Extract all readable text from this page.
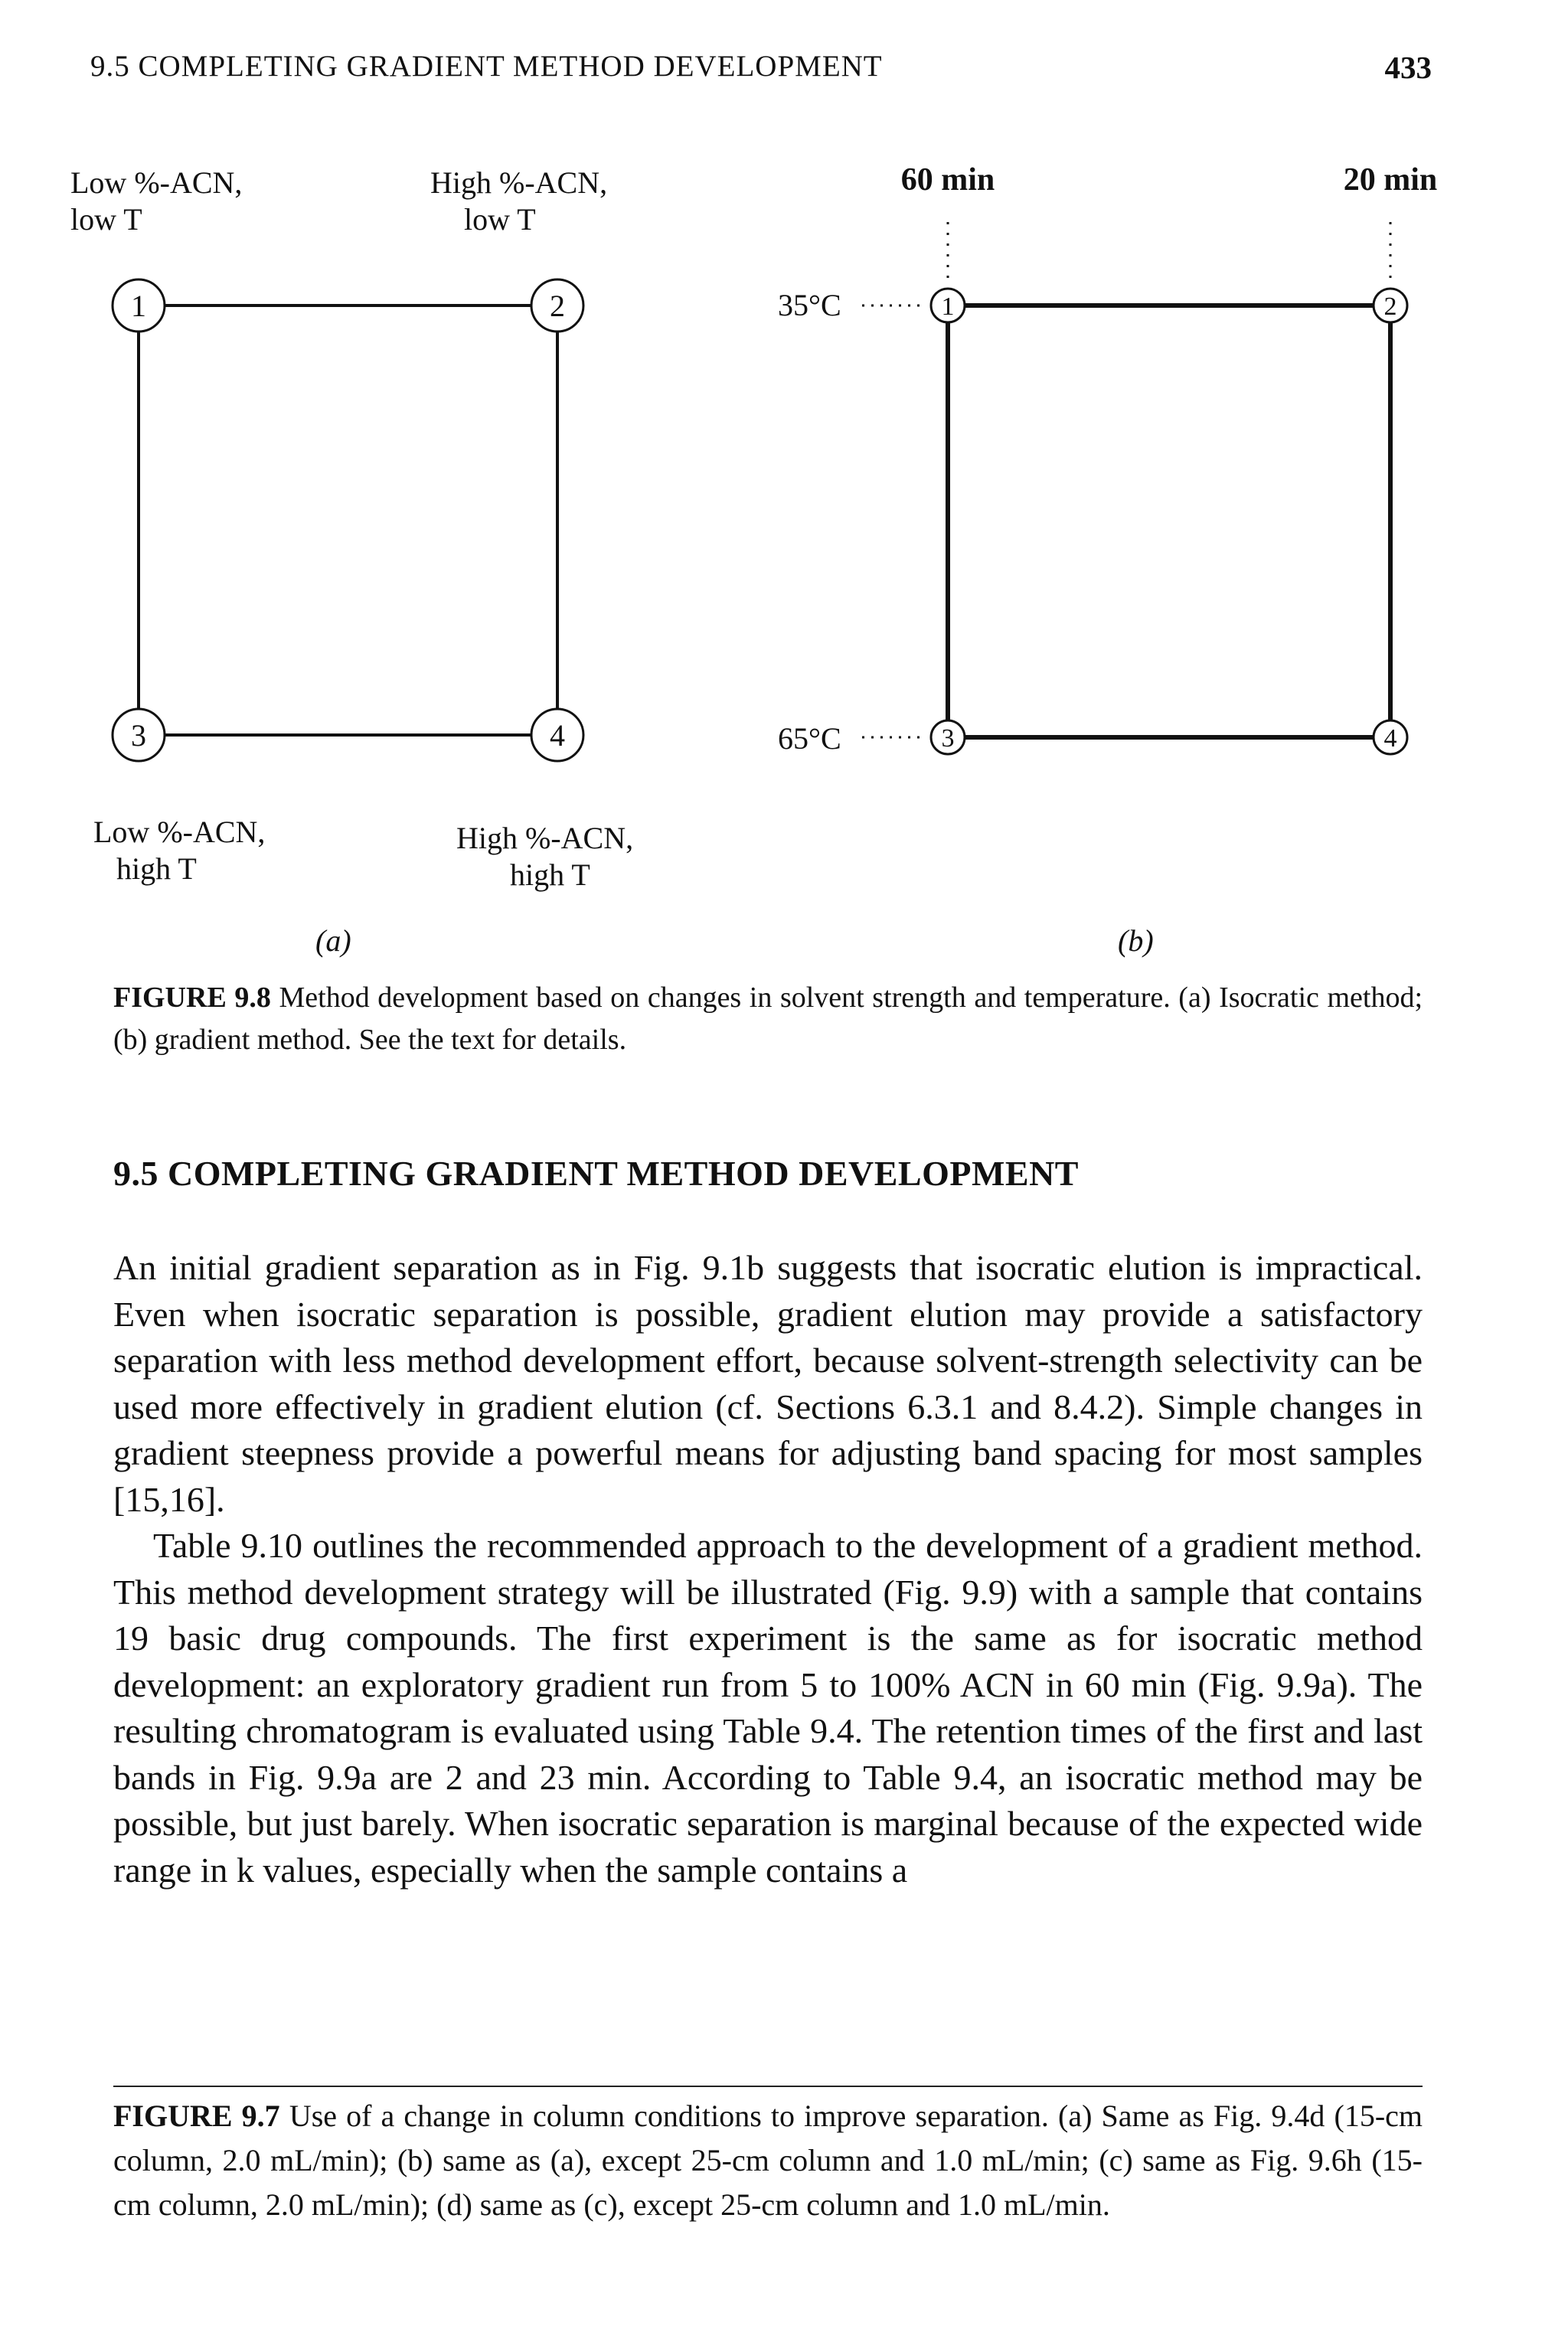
9.5 COMPLETING GRADIENT METHOD DEVELOPMENT	433
Low %-ACN,
low T
High %-ACN,
low T
1	2
3	4
Low %-ACN,
high T
High %-ACN,
high T
(a)
60 min	20 min
35°C
65°C
1	2
3	4
(b)
FIGURE 9.8 Method development based on changes in solvent strength and temperature. (a) Isocratic method; (b) gradient method. See the text for details.
9.5 COMPLETING GRADIENT METHOD DEVELOPMENT

An initial gradient separation as in Fig. 9.1b suggests that isocratic elution is impractical. Even when isocratic separation is possible, gradient elution may provide a satisfactory separation with less method development effort, because solvent-strength selectivity can be used more effectively in gradient elution (cf. Sections 6.3.1 and 8.4.2). Simple changes in gradient steepness provide a powerful means for adjusting band spacing for most samples [15,16].

Table 9.10 outlines the recommended approach to the development of a gradient method. This method development strategy will be illustrated (Fig. 9.9) with a sample that contains 19 basic drug compounds. The first experiment is the same as for isocratic method development: an exploratory gradient run from 5 to 100% ACN in 60 min (Fig. 9.9a). The resulting chromatogram is evaluated using Table 9.4. The retention times of the first and last bands in Fig. 9.9a are 2 and 23 min. According to Table 9.4, an isocratic method may be possible, but just barely. When isocratic separation is marginal because of the expected wide range in k values, especially when the sample contains a

FIGURE 9.7 Use of a change in column conditions to improve separation. (a) Same as Fig. 9.4d (15-cm column, 2.0 mL/min); (b) same as (a), except 25-cm column and 1.0 mL/min; (c) same as Fig. 9.6h (15-cm column, 2.0 mL/min); (d) same as (c), except 25-cm column and 1.0 mL/min.
